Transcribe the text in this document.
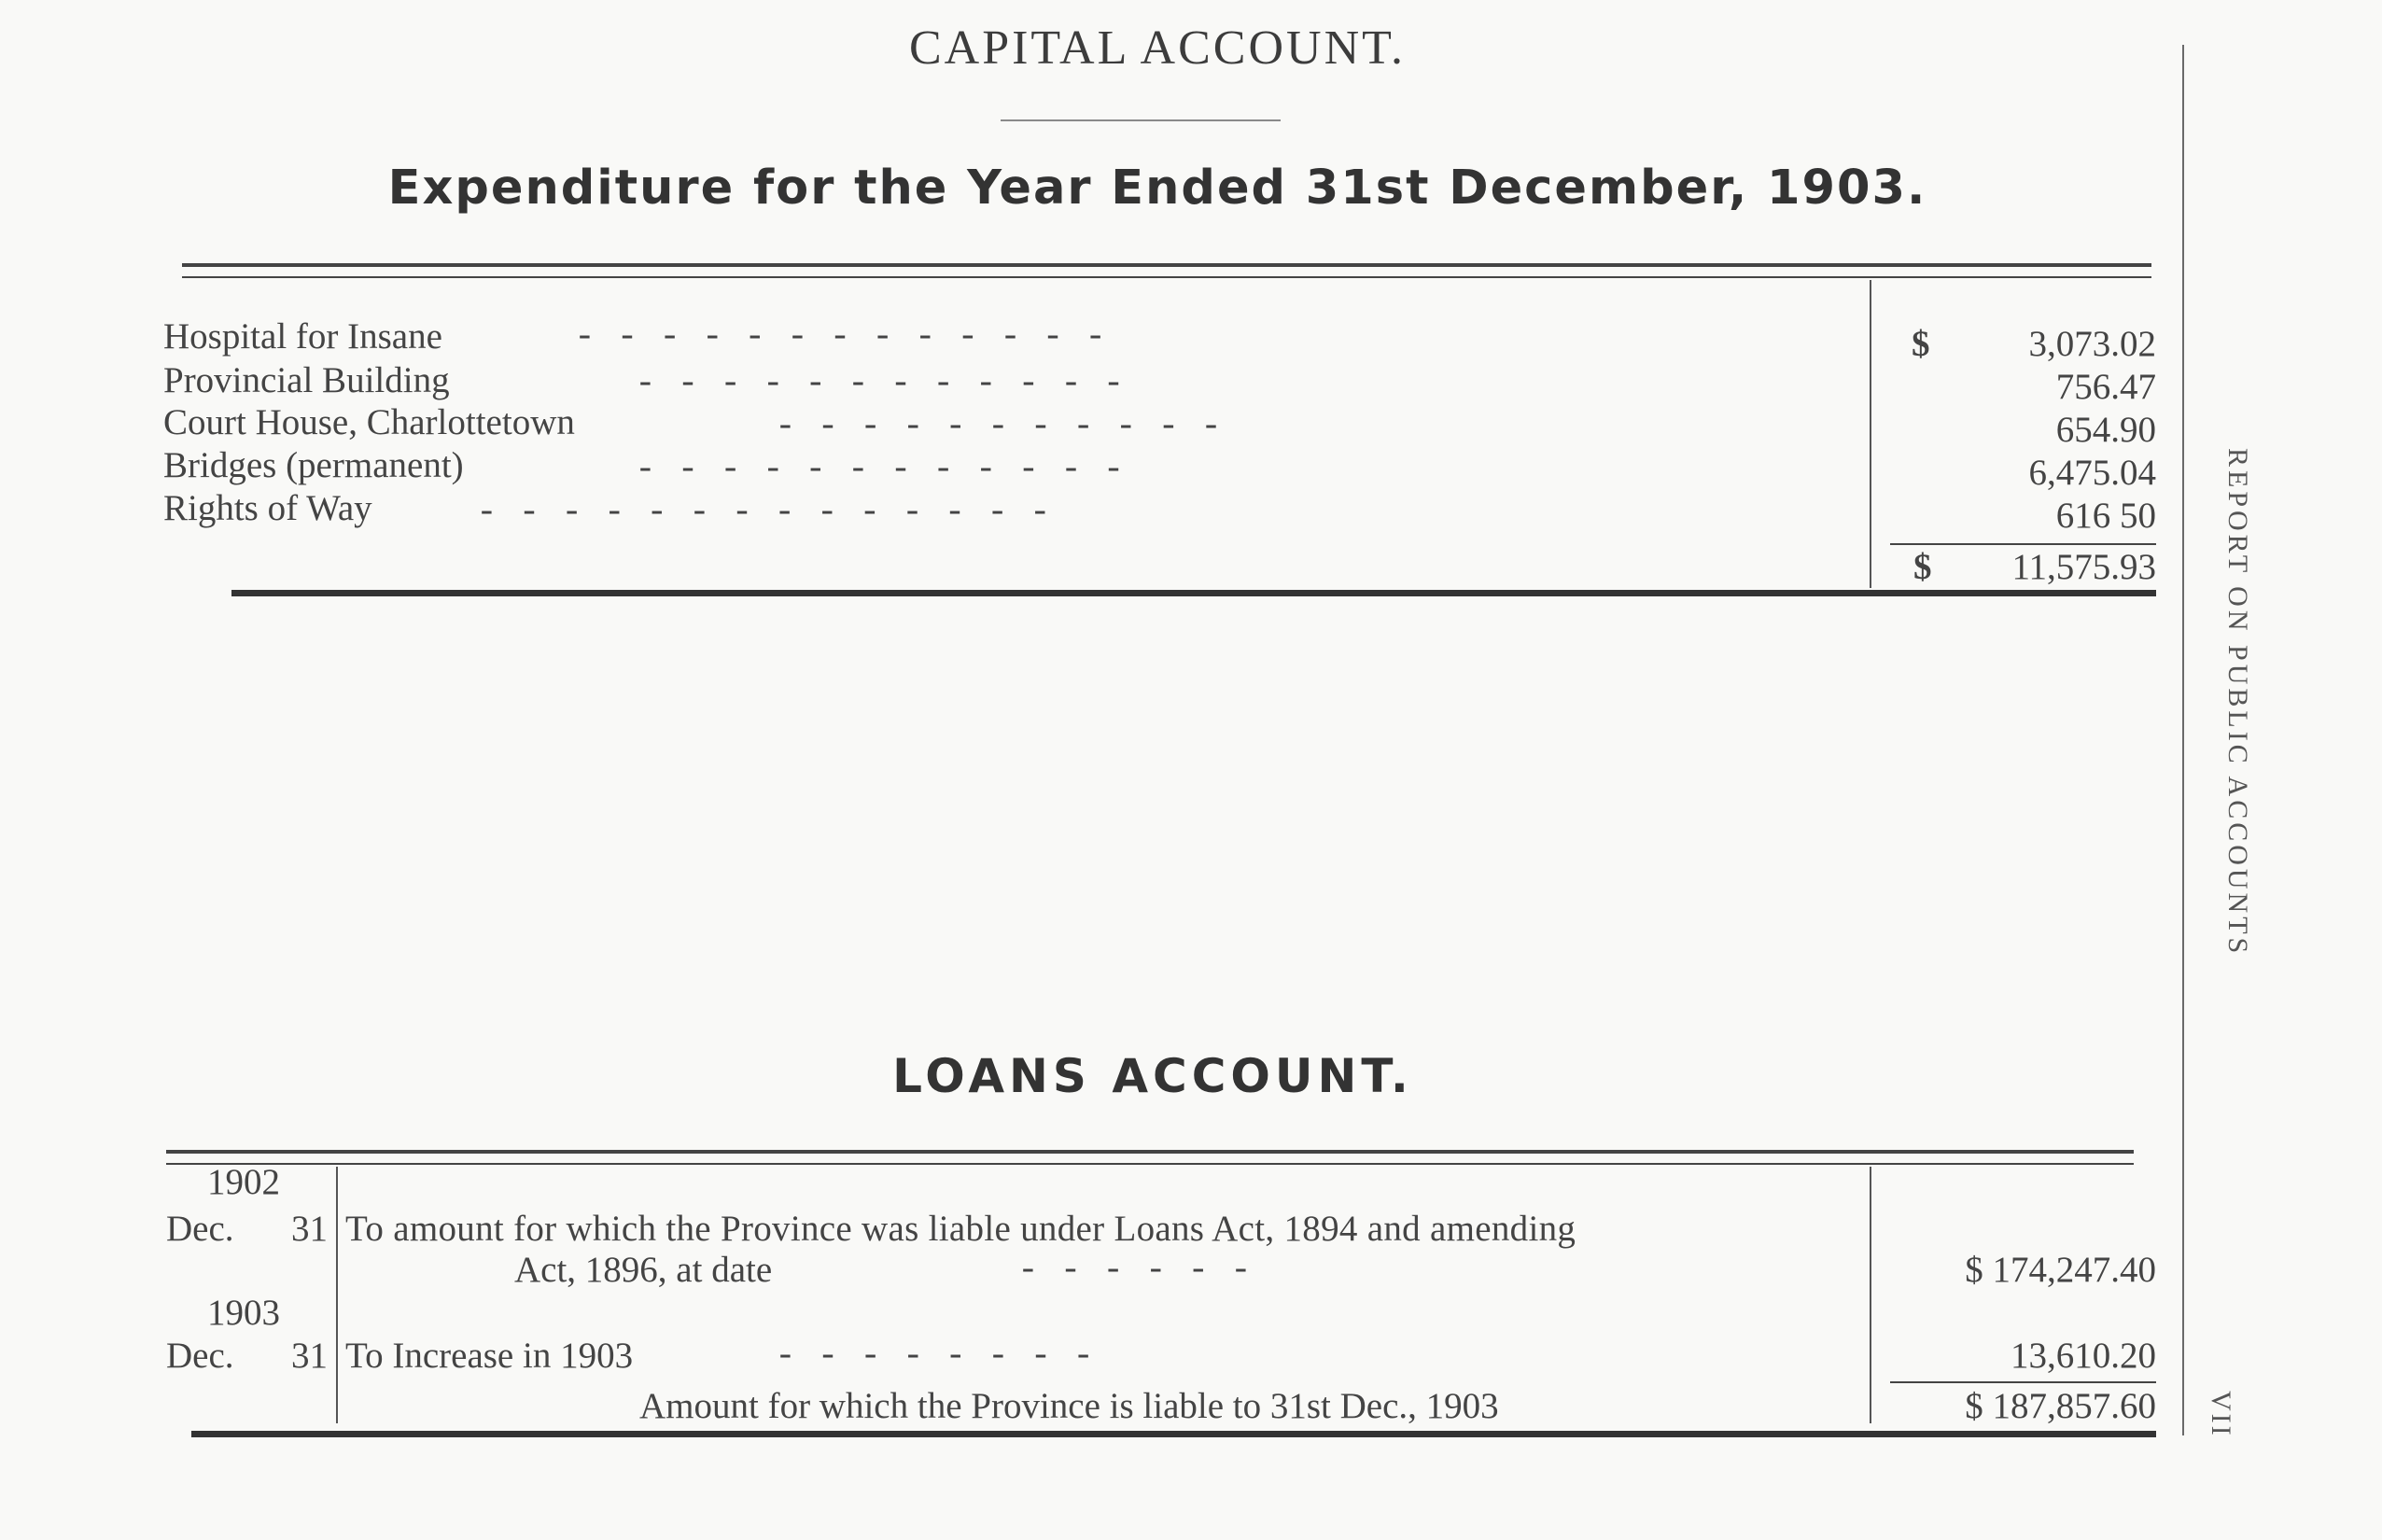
CAPITAL ACCOUNT.
Expenditure for the Year Ended 31st December, 1903.
Hospital for Insane	- - - - - - - - - - - - -	$	3,073.02
Provincial Building	- - - - - - - - - - - -	756.47
Court House, Charlottetown	- - - - - - - - - - -	654.90
Bridges (permanent)	- - - - - - - - - - - -	6,475.04
Rights of Way	- - - - - - - - - - - - - -	616 50
$	11,575.93
LOANS ACCOUNT.
1902
Dec. 31 To amount for which the Province was liable under Loans Act, 1894 and amending
Act, 1896, at date	- - - - - -	$ 174,247.40
1903
Dec. 31 To Increase in 1903	- - - - - - - -	13,610.20
Amount for which the Province is liable to 31st Dec., 1903	$ 187,857.60
REPORT ON PUBLIC ACCOUNTS
VII
